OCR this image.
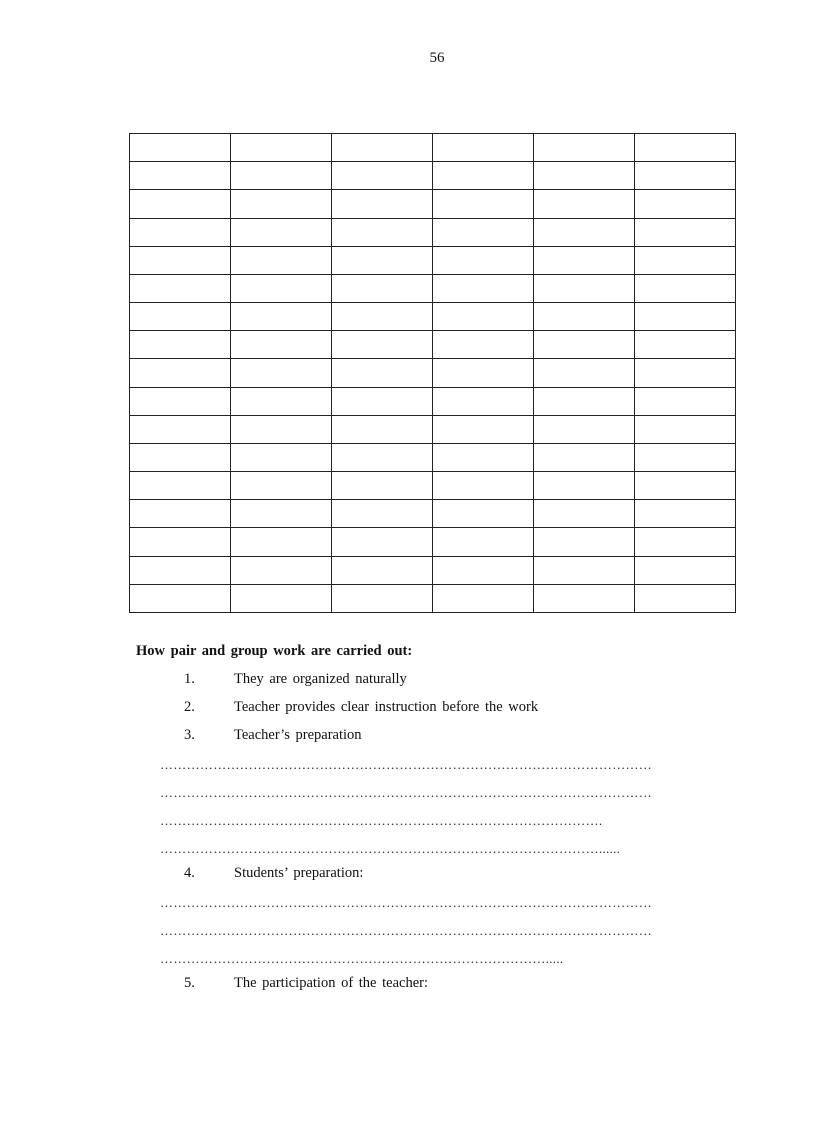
56

How pair and group work are carried out:
1.	They are organized naturally
2.	Teacher provides clear instruction before the work
3.	Teacher’s preparation
…………………………………………………………………………………………………
…………………………………………………………………………………………………
……………………………………………………………………………………….
………………………………………………………………………………………......
4.	Students’ preparation:
…………………………………………………………………………………………………
…………………………………………………………………………………………………
…………………………………………………………………………….....
5.	The participation of the teacher:
